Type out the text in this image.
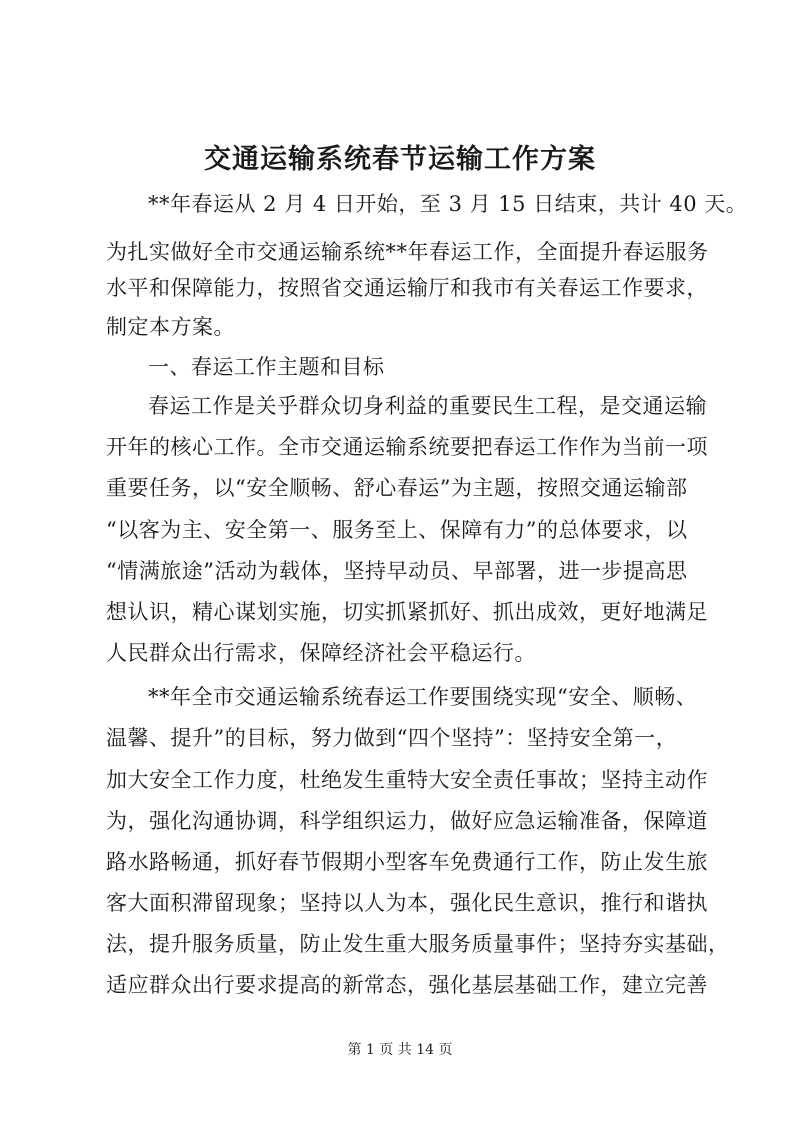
交通运输系统春节运输工作方案
**年春运从 2 月 4 日开始，至 3 月 15 日结束，共计 40 天。
为扎实做好全市交通运输系统**年春运工作，全面提升春运服务
水平和保障能力，按照省交通运输厅和我市有关春运工作要求，
制定本方案。
一、春运工作主题和目标
春运工作是关乎群众切身利益的重要民生工程，是交通运输
开年的核心工作。全市交通运输系统要把春运工作作为当前一项
重要任务，以“安全顺畅、舒心春运”为主题，按照交通运输部
“以客为主、安全第一、服务至上、保障有力”的总体要求，以
“情满旅途”活动为载体，坚持早动员、早部署，进一步提高思
想认识，精心谋划实施，切实抓紧抓好、抓出成效，更好地满足
人民群众出行需求，保障经济社会平稳运行。
**年全市交通运输系统春运工作要围绕实现“安全、顺畅、
温馨、提升”的目标，努力做到“四个坚持”：坚持安全第一，
加大安全工作力度，杜绝发生重特大安全责任事故；坚持主动作
为，强化沟通协调，科学组织运力，做好应急运输准备，保障道
路水路畅通，抓好春节假期小型客车免费通行工作，防止发生旅
客大面积滞留现象；坚持以人为本，强化民生意识，推行和谐执
法，提升服务质量，防止发生重大服务质量事件；坚持夯实基础，
适应群众出行要求提高的新常态，强化基层基础工作，建立完善
第 1 页 共 14 页
